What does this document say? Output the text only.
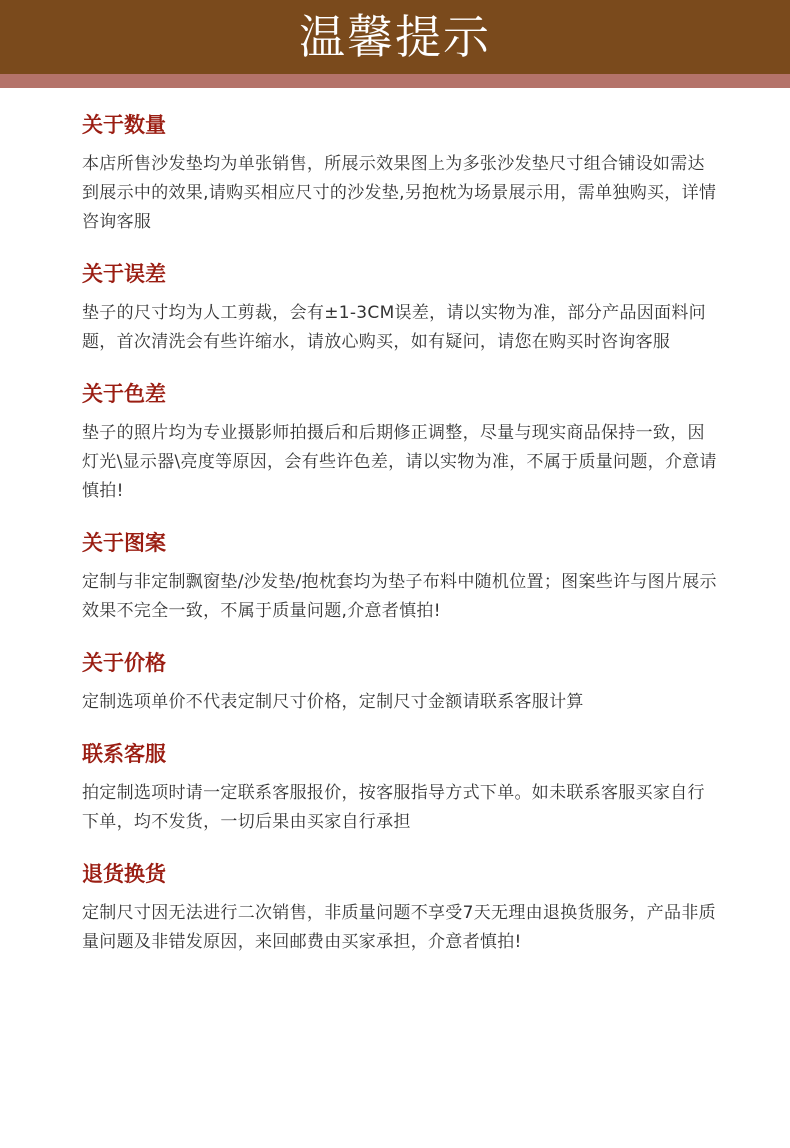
温馨提示
关于数量

本店所售沙发垫均为单张销售，所展示效果图上为多张沙发垫尺寸组合铺设如需达到展示中的效果,请购买相应尺寸的沙发垫,另抱枕为场景展示用，需单独购买，详情咨询客服

关于误差

垫子的尺寸均为人工剪裁，会有±1-3CM误差，请以实物为准，部分产品因面料问题，首次清洗会有些许缩水，请放心购买，如有疑问，请您在购买时咨询客服

关于色差

垫子的照片均为专业摄影师拍摄后和后期修正调整，尽量与现实商品保持一致，因灯光\显示器\亮度等原因，会有些许色差，请以实物为准，不属于质量问题，介意请慎拍!

关于图案

定制与非定制飘窗垫/沙发垫/抱枕套均为垫子布料中随机位置；图案些许与图片展示效果不完全一致，不属于质量问题,介意者慎拍!

关于价格

定制选项单价不代表定制尺寸价格，定制尺寸金额请联系客服计算

联系客服

拍定制选项时请一定联系客服报价，按客服指导方式下单。如未联系客服买家自行下单，均不发货，一切后果由买家自行承担

退货换货

定制尺寸因无法进行二次销售，非质量问题不享受7天无理由退换货服务，产品非质量问题及非错发原因，来回邮费由买家承担，介意者慎拍!
